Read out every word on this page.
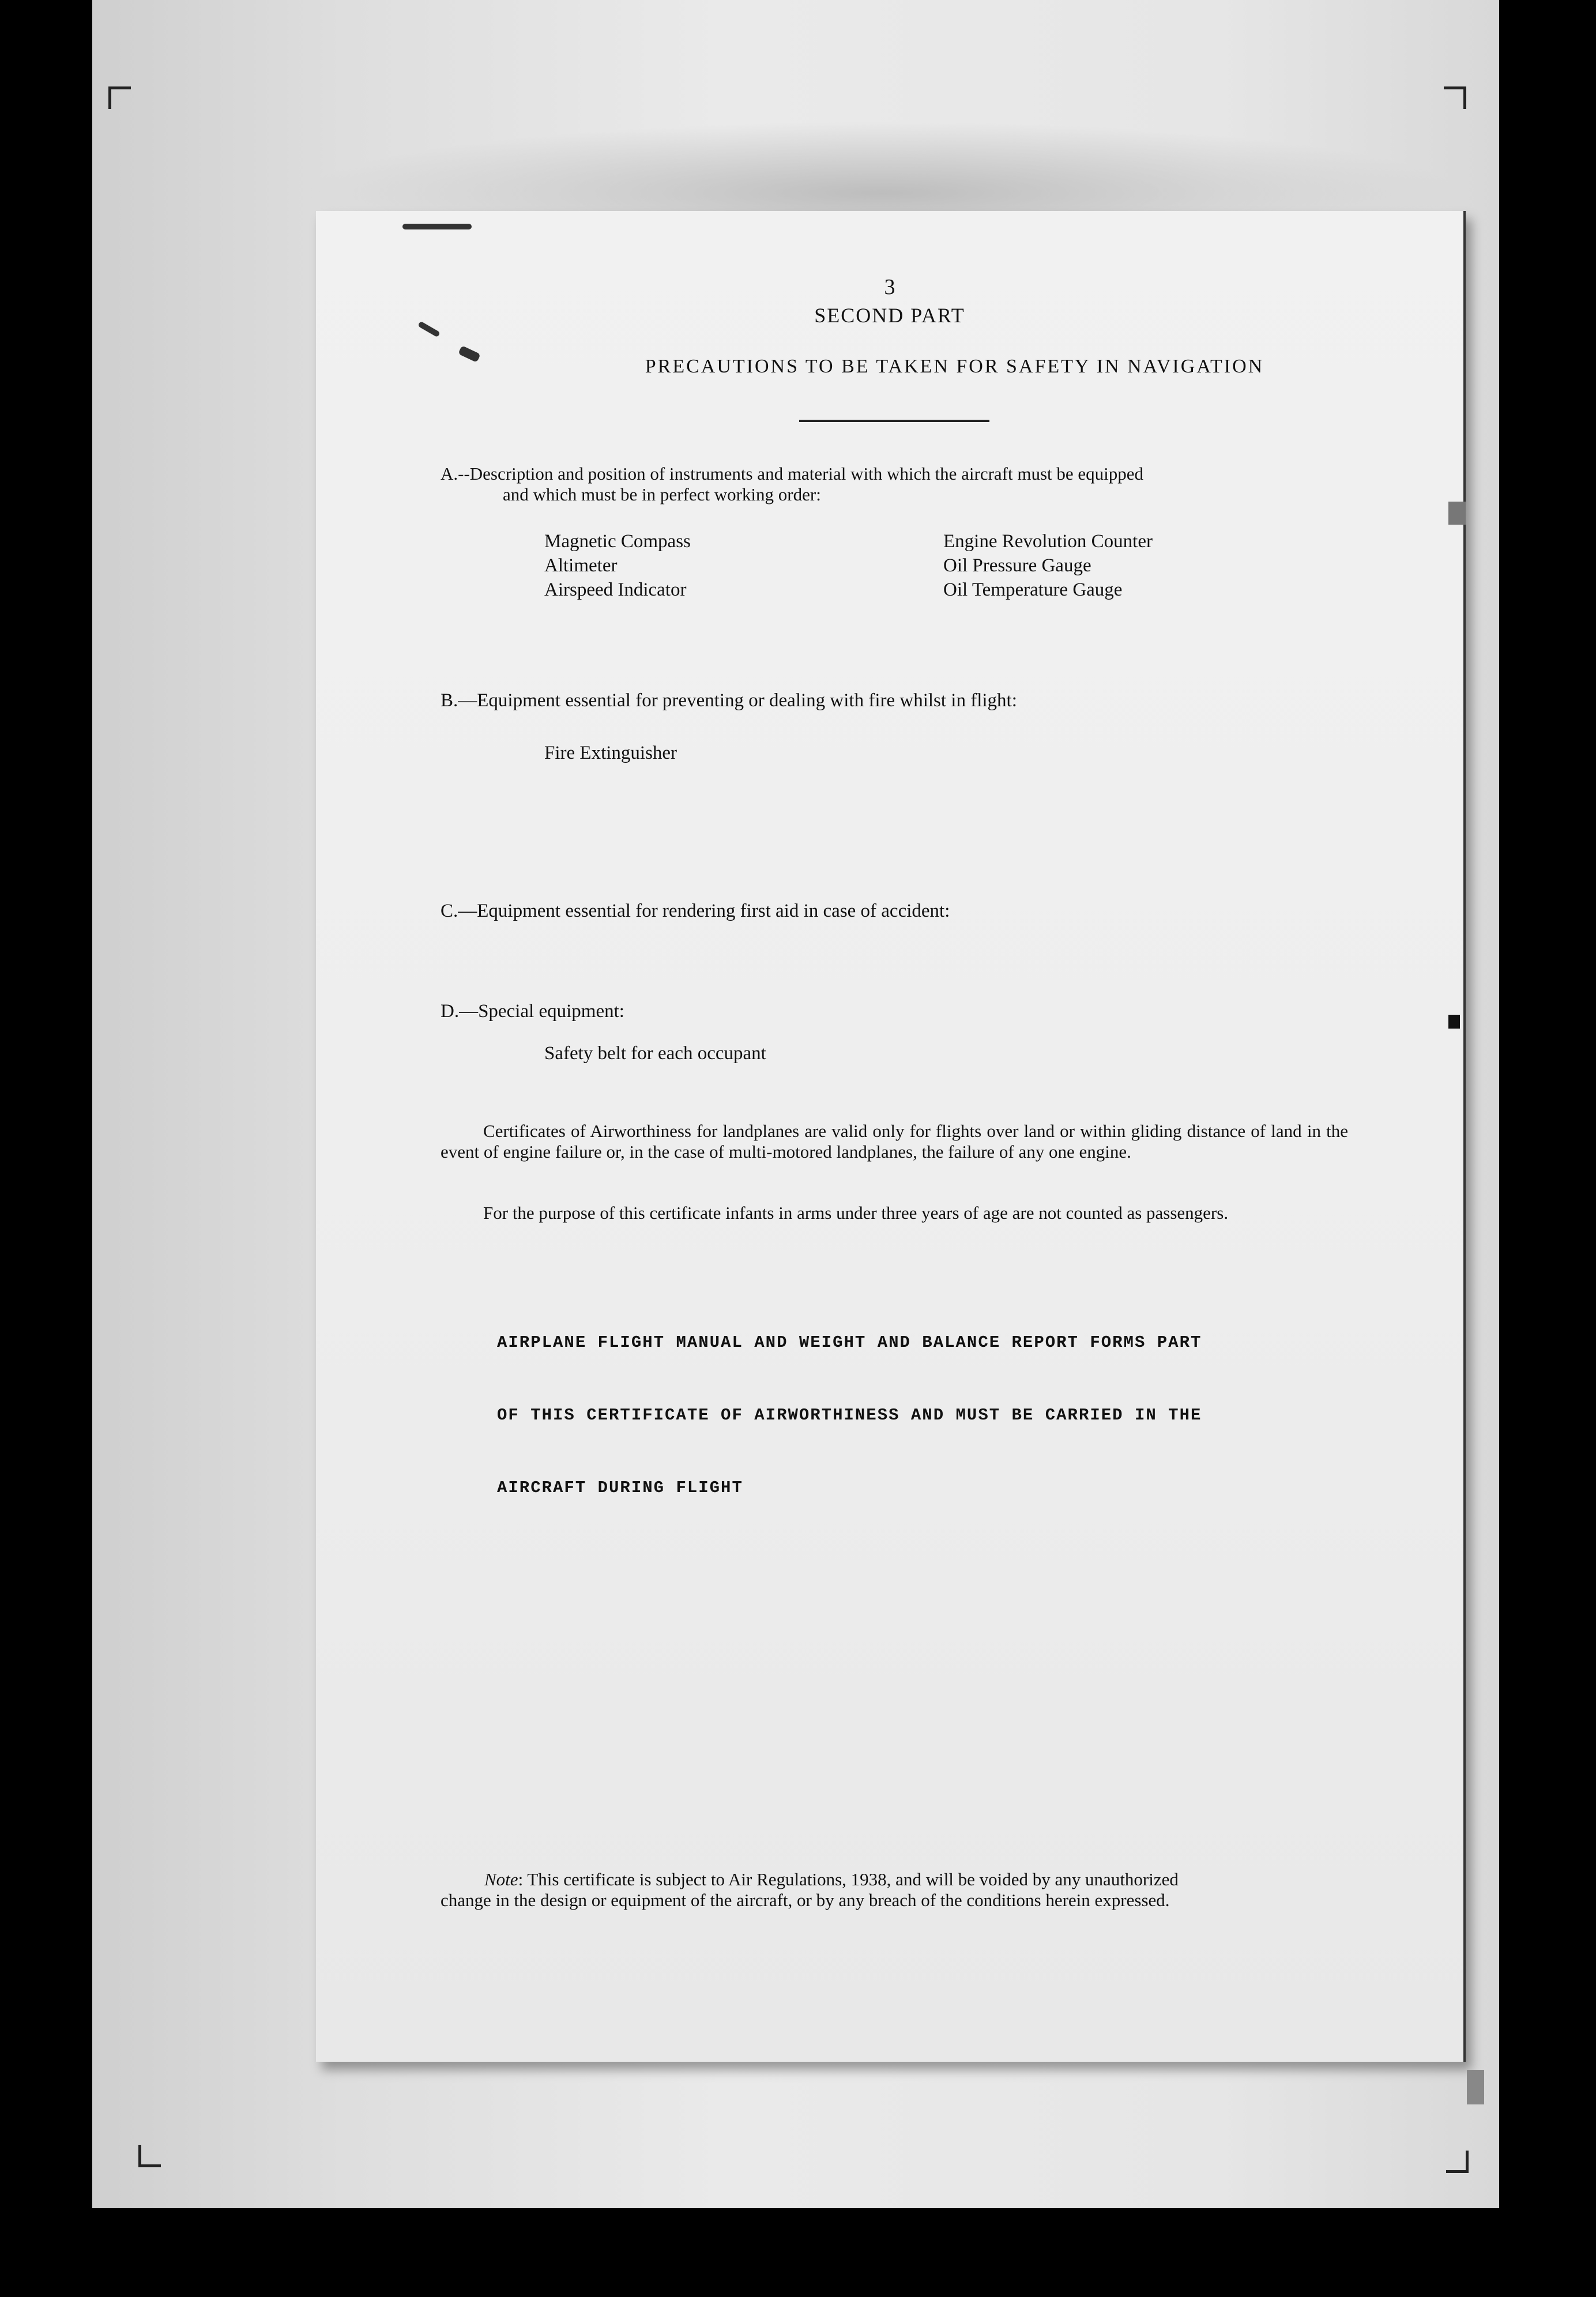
3
SECOND PART
PRECAUTIONS TO BE TAKEN FOR SAFETY IN NAVIGATION
A.--Description and position of instruments and material with which the aircraft must be equipped
and which must be in perfect working order:
Magnetic Compass
Altimeter
Airspeed Indicator
Engine Revolution Counter
Oil Pressure Gauge
Oil Temperature Gauge
B.—Equipment essential for preventing or dealing with fire whilst in flight:
Fire Extinguisher
C.—Equipment essential for rendering first aid in case of accident:
D.—Special equipment:
Safety belt for each occupant
Certificates of Airworthiness for landplanes are valid only for flights over land or within gliding distance of land in the event of engine failure or, in the case of multi-motored landplanes, the failure of any one engine.
For the purpose of this certificate infants in arms under three years of age are not counted as passengers.

AIRPLANE FLIGHT MANUAL AND WEIGHT AND BALANCE REPORT FORMS PART

OF THIS CERTIFICATE OF AIRWORTHINESS AND MUST BE CARRIED IN THE

AIRCRAFT DURING FLIGHT

Note: This certificate is subject to Air Regulations, 1938, and will be voided by any unauthorized
change in the design or equipment of the aircraft, or by any breach of the conditions herein expressed.
